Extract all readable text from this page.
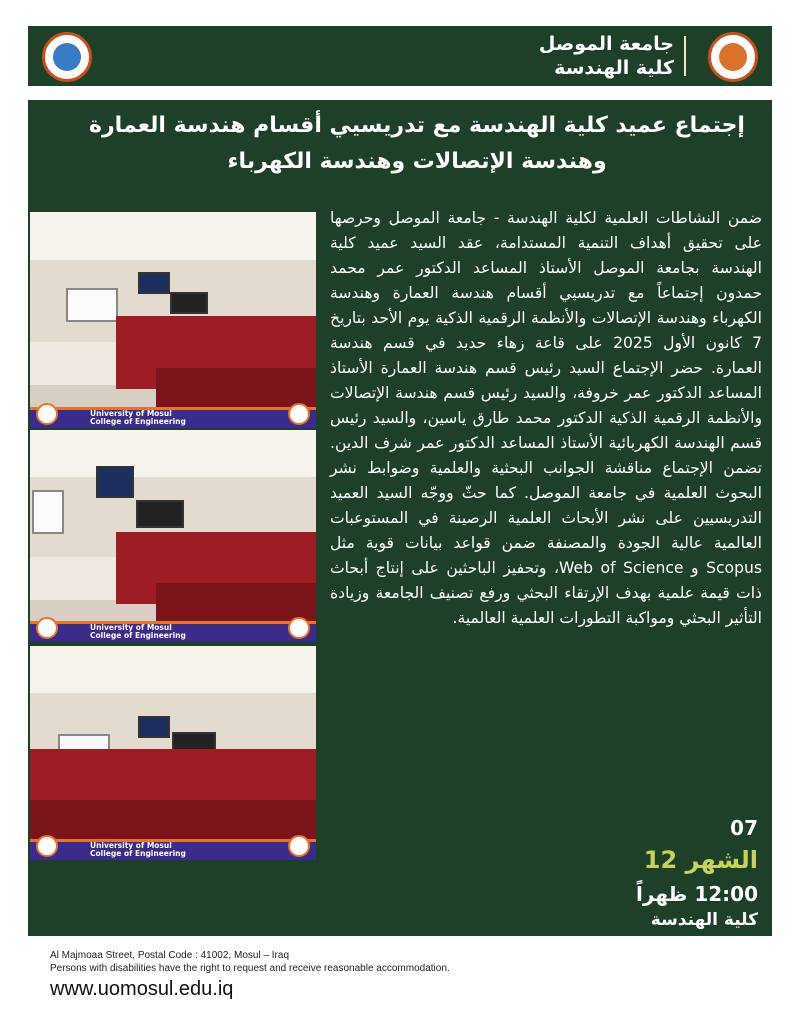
جامعة الموصل
كلية الهندسة
إجتماع عميد كلية الهندسة مع تدريسيي أقسام هندسة العمارة وهندسة الإتصالات وهندسة الكهرباء
University of Mosul
College of Engineering
University of Mosul
College of Engineering
University of Mosul
College of Engineering
ضمن النشاطات العلمية لكلية الهندسة - جامعة الموصل وحرصها على تحقيق أهداف التنمية المستدامة، عقد السيد عميد كلية الهندسة بجامعة الموصل الأستاذ المساعد الدكتور عمر محمد حمدون إجتماعاً مع تدريسيي أقسام هندسة العمارة وهندسة الكهرباء وهندسة الإتصالات والأنظمة الرقمية الذكية يوم الأحد بتاريخ 7 كانون الأول 2025 على قاعة زهاء حديد في قسم هندسة العمارة. حضر الإجتماع السيد رئيس قسم هندسة العمارة الأستاذ المساعد الدكتور عمر خروفة، والسيد رئيس قسم هندسة الإتصالات والأنظمة الرقمية الذكية الدكتور محمد طارق ياسين، والسيد رئيس قسم الهندسة الكهربائية الأستاذ المساعد الدكتور عمر شرف الدين. تضمن الإجتماع مناقشة الجوانب البحثية والعلمية وضوابط نشر البحوث العلمية في جامعة الموصل. كما حثّ ووجّه السيد العميد التدريسيين على نشر الأبحاث العلمية الرصينة في المستوعبات العالمية عالية الجودة والمصنفة ضمن قواعد بيانات قوية مثل Scopus و Web of Science، وتحفيز الباحثين على إنتاج أبحاث ذات قيمة علمية بهدف الإرتقاء البحثي ورفع تصنيف الجامعة وزيادة التأثير البحثي ومواكبة التطورات العلمية العالمية.
07
الشهر 12
12:00 ظهراً
كلية الهندسة
Al Majmoaa Street, Postal Code : 41002, Mosul – Iraq
Persons with disabilities have the right to request and receive reasonable accommodation.
www.uomosul.edu.iq
